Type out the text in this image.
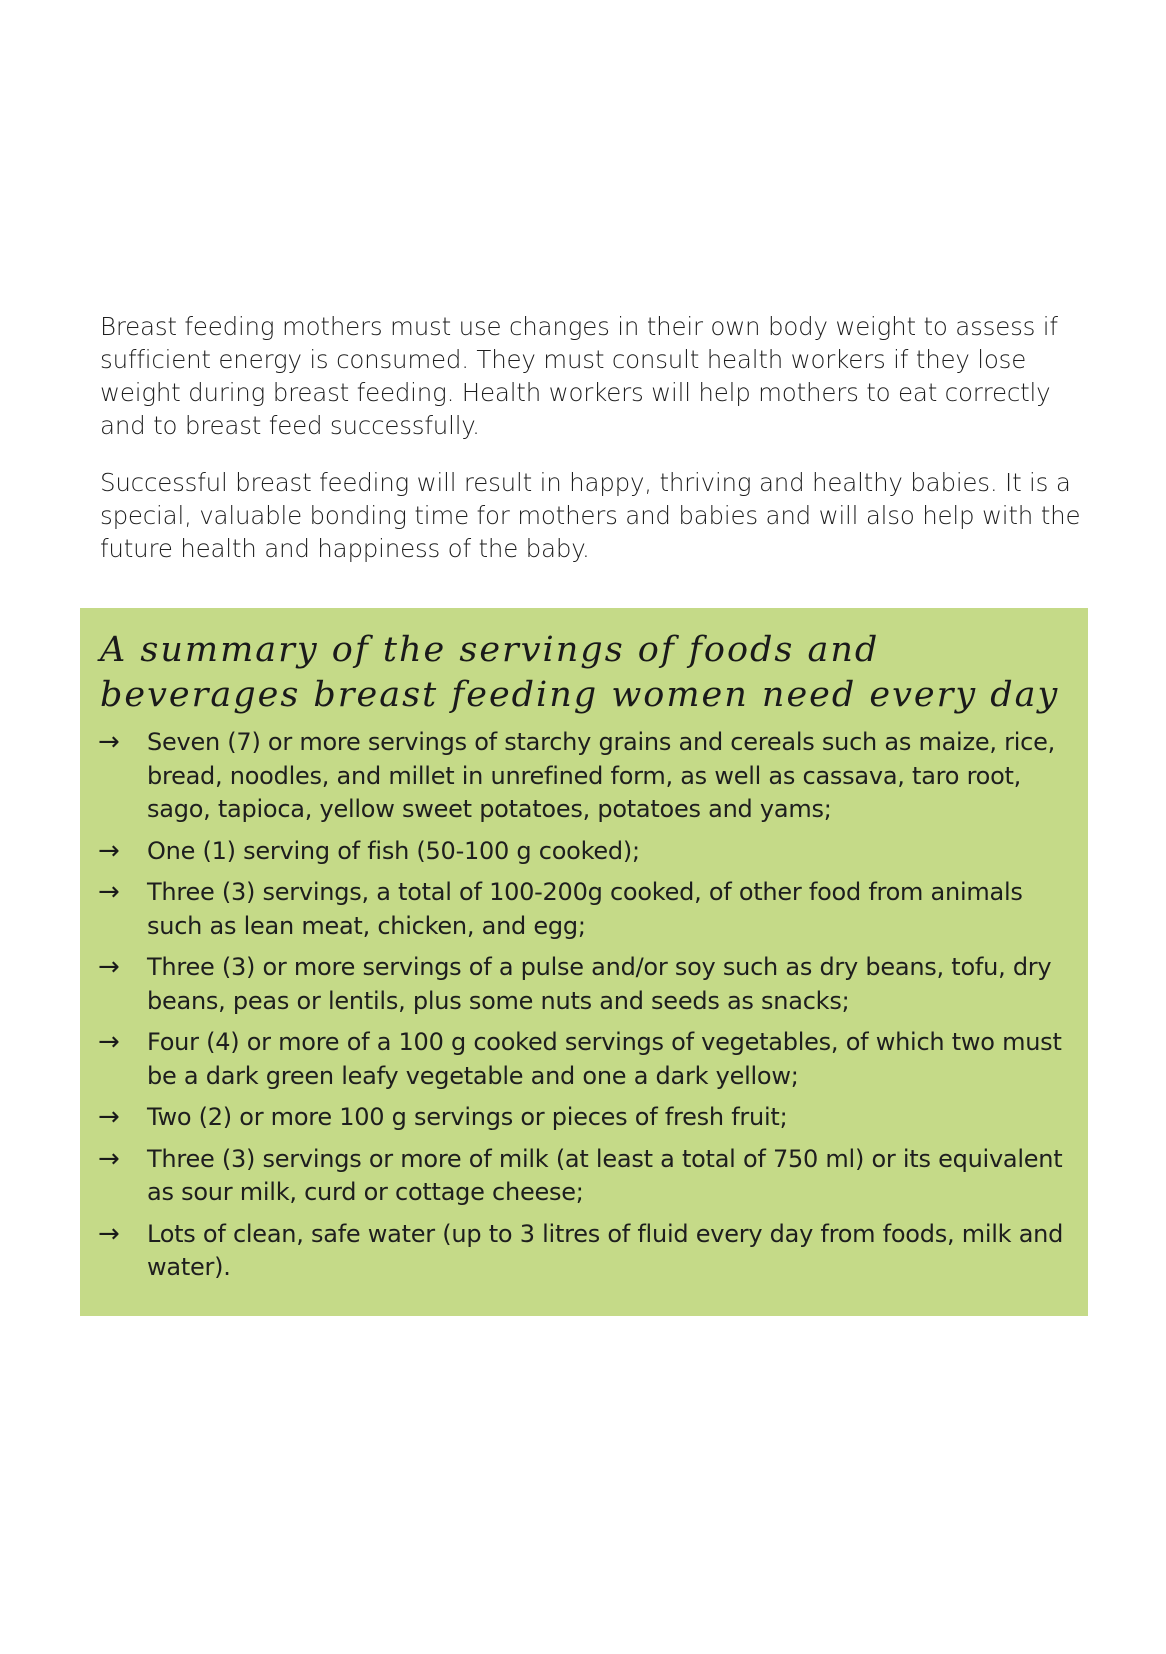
Breast feeding mothers must use changes in their own body weight to assess if sufficient energy is consumed. They must consult health workers if they lose weight during breast feeding. Health workers will help mothers to eat correctly and to breast feed successfully.

Successful breast feeding will result in happy, thriving and healthy babies. It is a special, valuable bonding time for mothers and babies and will also help with the future health and happiness of the baby.

A summary of the servings of foods and beverages breast feeding women need every day
→ Seven (7) or more servings of starchy grains and cereals such as maize, rice, bread, noodles, and millet in unrefined form, as well as cassava, taro root, sago, tapioca, yellow sweet potatoes, potatoes and yams;
→ One (1) serving of fish (50-100 g cooked);
→ Three (3) servings, a total of 100-200g cooked, of other food from animals such as lean meat, chicken, and egg;
→ Three (3) or more servings of a pulse and/or soy such as dry beans, tofu, dry beans, peas or lentils, plus some nuts and seeds as snacks;
→ Four (4) or more of a 100 g cooked servings of vegetables, of which two must be a dark green leafy vegetable and one a dark yellow;
→ Two (2) or more 100 g servings or pieces of fresh fruit;
→ Three (3) servings or more of milk (at least a total of 750 ml) or its equivalent as sour milk, curd or cottage cheese;
→ Lots of clean, safe water (up to 3 litres of fluid every day from foods, milk and water).
